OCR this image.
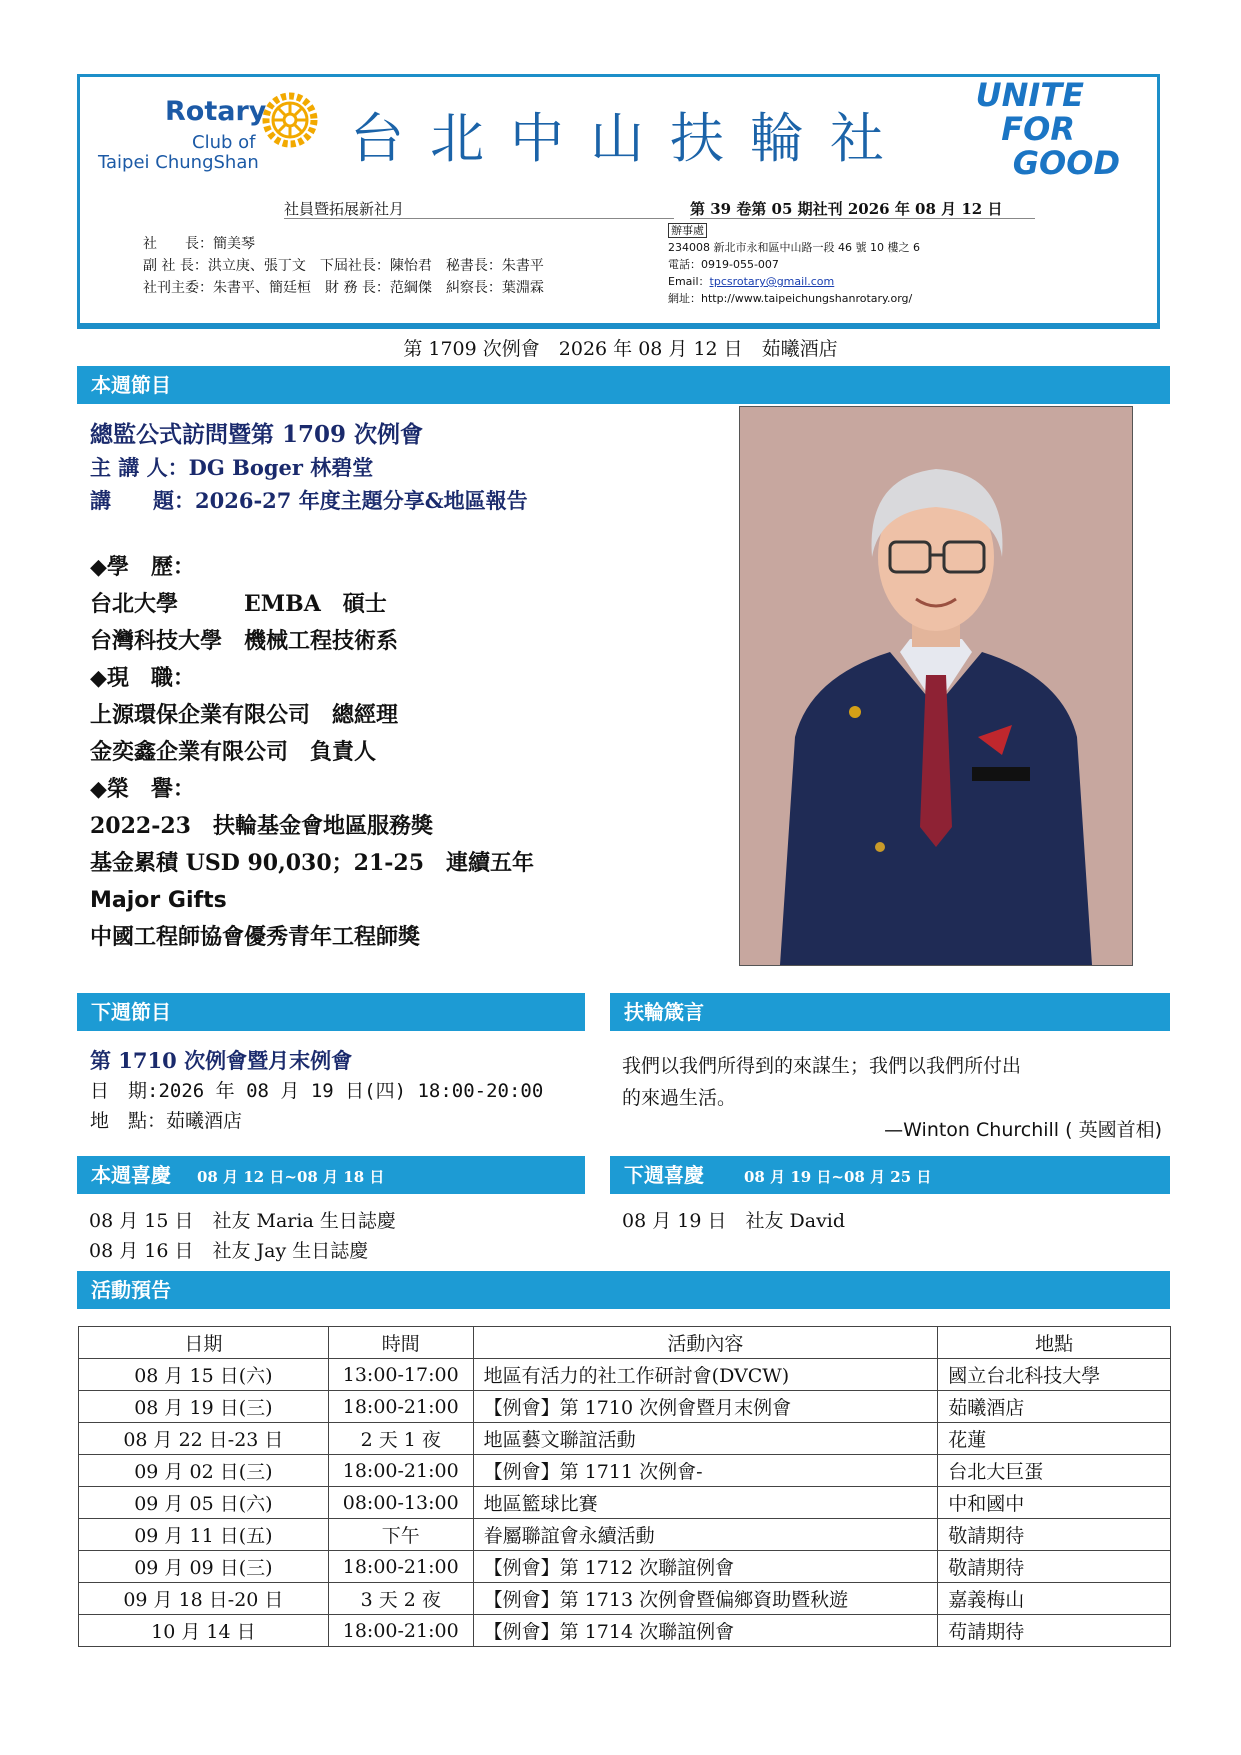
Rotary
Club of
Taipei ChungShan 台北中山扶輪社
UNITE
FOR
GOOD
社員暨拓展新社月	第 39 卷第 05 期社刊 2026 年 08 月 12 日
社　　長：簡美琴
副 社 長：洪立庚、張丁文　下屆社長：陳怡君　秘書長：朱書平
社刊主委：朱書平、簡廷桓　財 務 長：范綱傑　糾察長：葉淵霖
辦事處
234008 新北市永和區中山路一段 46 號 10 樓之 6
電話：0919-055-007
Email：tpcsrotary@gmail.com
網址：http://www.taipeichungshanrotary.org/
第 1709 次例會　2026 年 08 月 12 日　茹曦酒店
本週節目
總監公式訪問暨第 1709 次例會
主 講 人：DG Boger 林碧堂
講　　題：2026-27 年度主題分享&地區報告
◆學　歷：
台北大學　　　EMBA　碩士
台灣科技大學　機械工程技術系
◆現　職：
上源環保企業有限公司　總經理
金奕鑫企業有限公司　負責人
◆榮　譽：
2022-23　扶輪基金會地區服務獎
基金累積 USD 90,030；21-25　連續五年
Major Gifts
中國工程師協會優秀青年工程師獎
下週節目
第 1710 次例會暨月末例會
日　期:2026 年 08 月 19 日(四) 18:00-20:00
地　點：茹曦酒店
扶輪箴言
我們以我們所得到的來謀生；我們以我們所付出
的來過生活。
—Winton Churchill ( 英國首相)
本週喜慶 08 月 12 日~08 月 18 日
08 月 15 日　社友 Maria 生日誌慶
08 月 16 日　社友 Jay 生日誌慶
下週喜慶	08 月 19 日~08 月 25 日
08 月 19 日　社友 David
活動預告
日期	時間	活動內容	地點
08 月 15 日(六)	13:00-17:00	地區有活力的社工作研討會(DVCW)	國立台北科技大學
08 月 19 日(三)	18:00-21:00	【例會】第 1710 次例會暨月末例會	茹曦酒店
08 月 22 日-23 日	2 天 1 夜	地區藝文聯誼活動	花蓮
09 月 02 日(三)	18:00-21:00	【例會】第 1711 次例會-	台北大巨蛋
09 月 05 日(六)	08:00-13:00	地區籃球比賽	中和國中
09 月 11 日(五)	下午	眷屬聯誼會永續活動	敬請期待
09 月 09 日(三)	18:00-21:00	【例會】第 1712 次聯誼例會	敬請期待
09 月 18 日-20 日	3 天 2 夜	【例會】第 1713 次例會暨偏鄉資助暨秋遊	嘉義梅山
10 月 14 日	18:00-21:00	【例會】第 1714 次聯誼例會	苟請期待
